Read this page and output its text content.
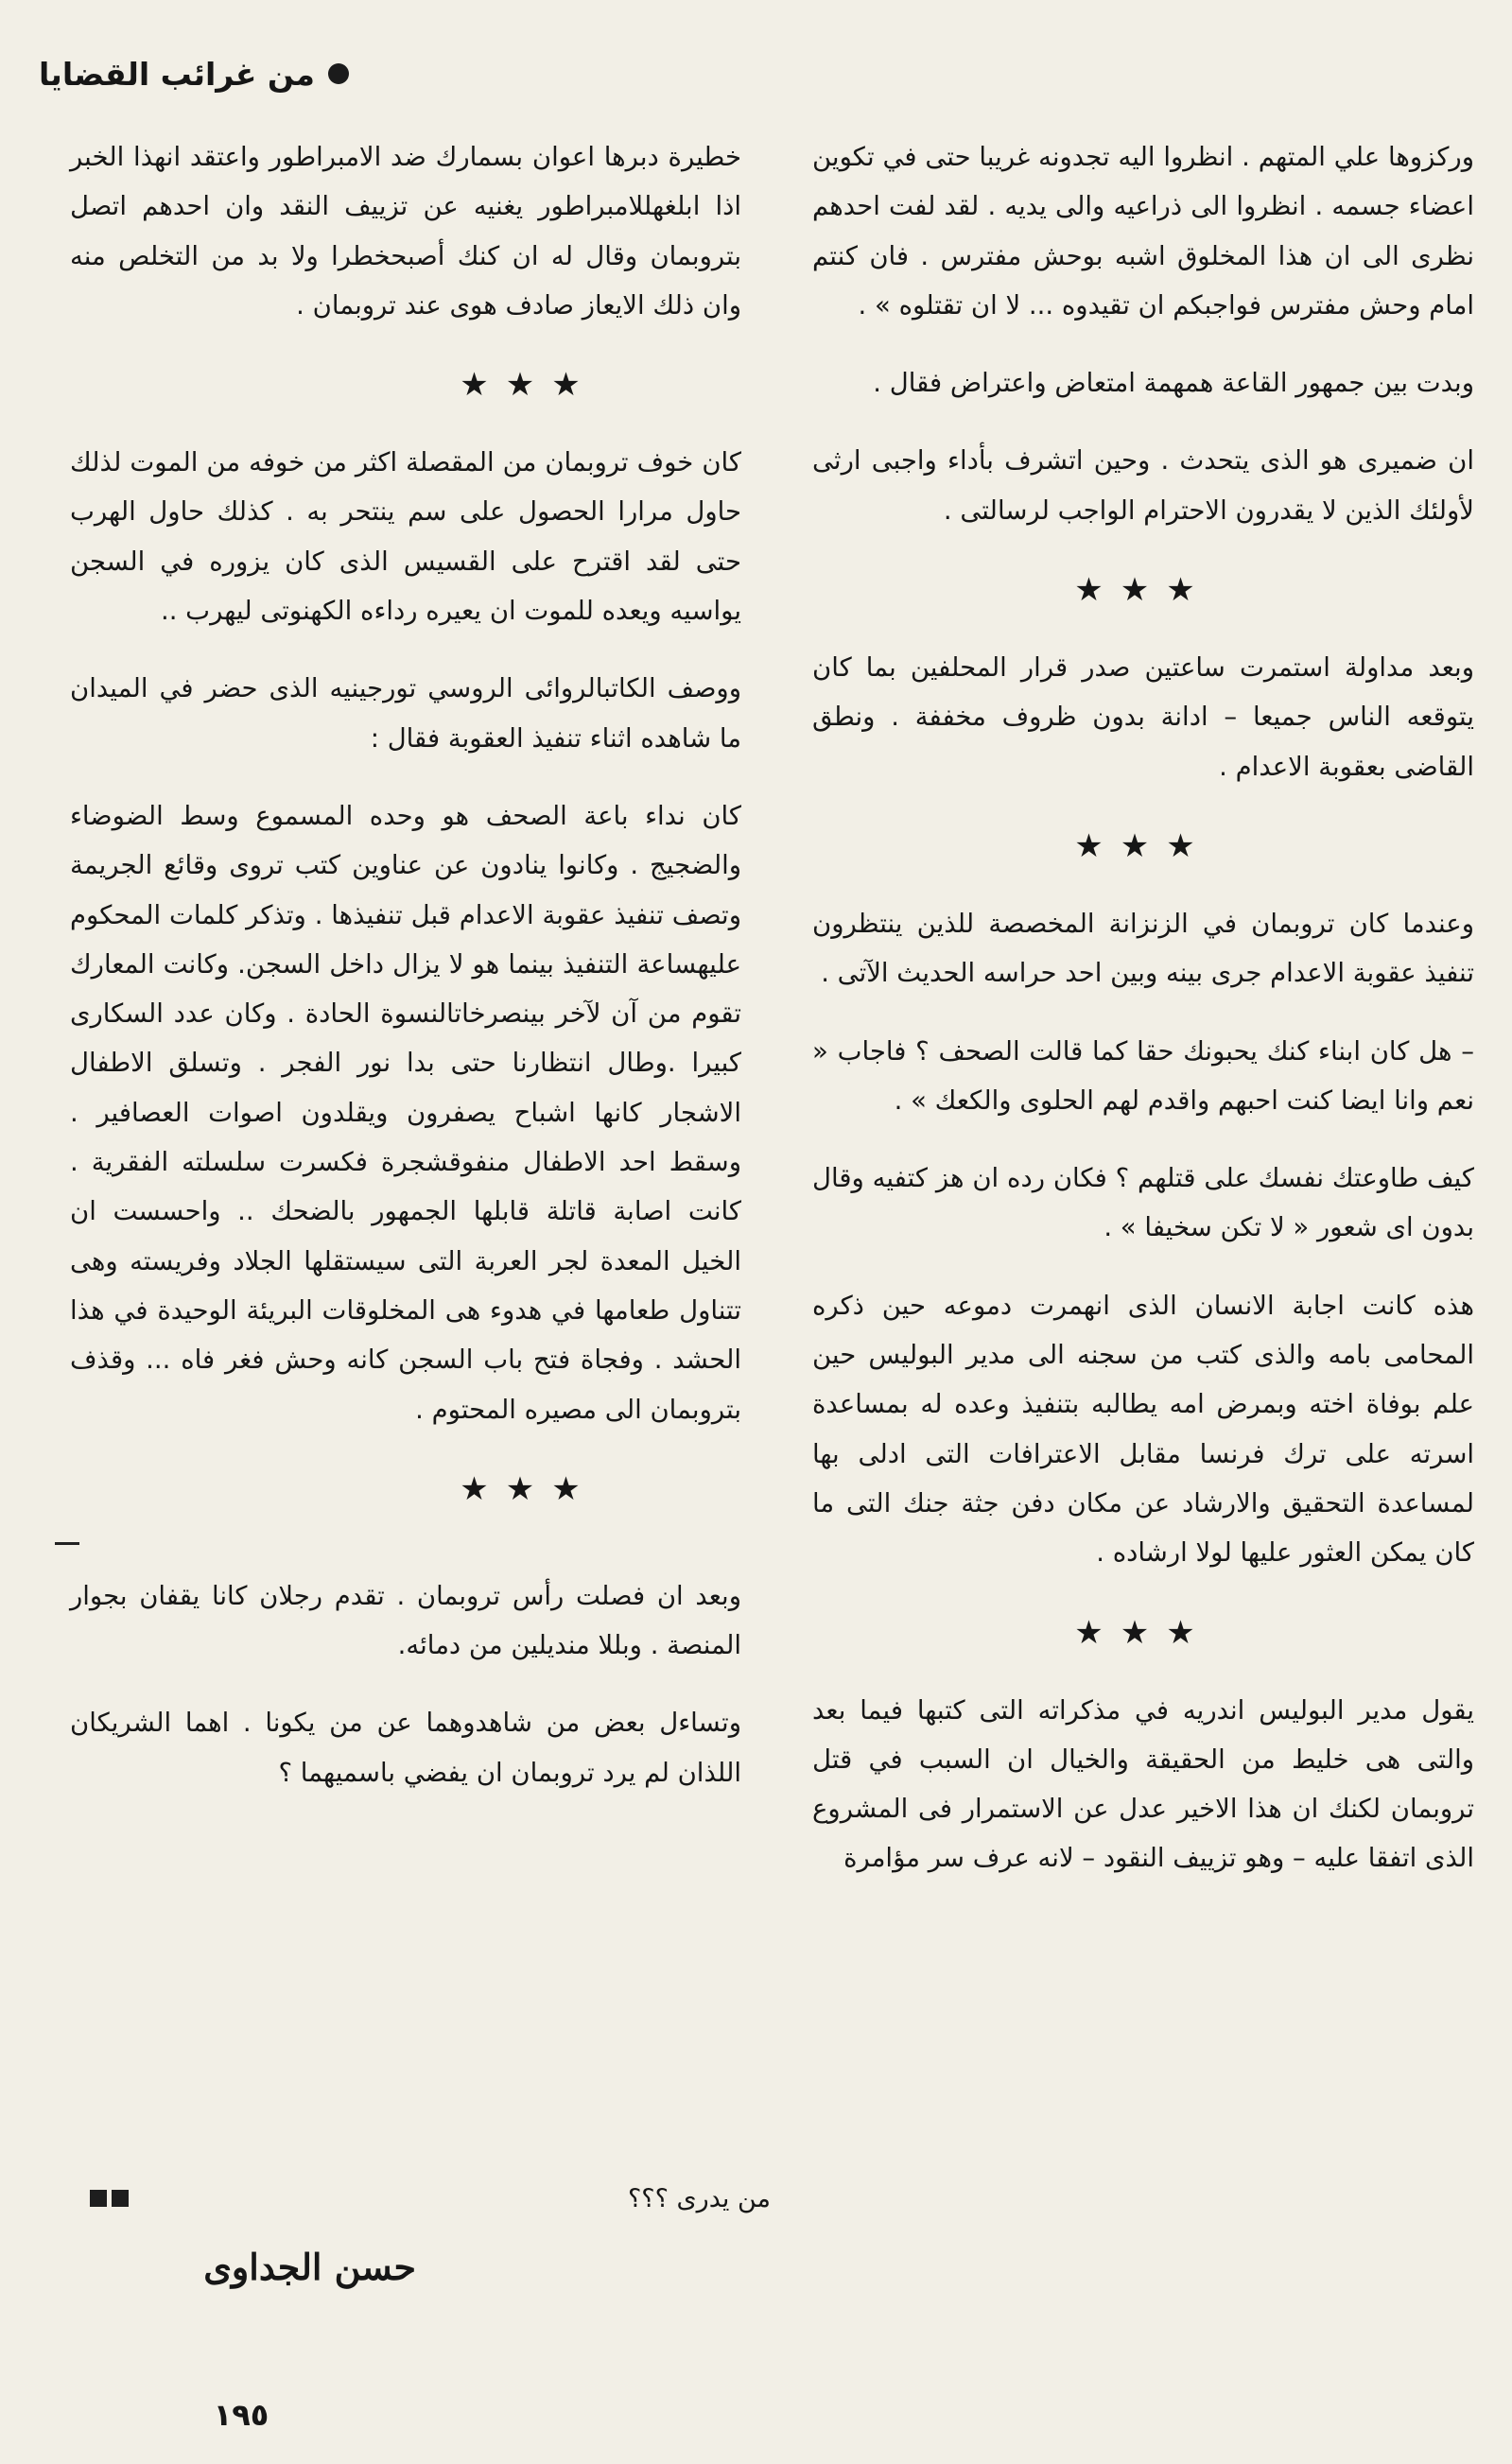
من غرائب القضايا

وركزوها علي المتهم . انظروا اليه تجدونه غريبا حتى في تكوين اعضاء جسمه . انظروا الى ذراعيه والى يديه . لقد لفت احدهم نظرى الى ان هذا المخلوق اشبه بوحش مفترس . فان كنتم امام وحش مفترس فواجبكم ان تقيدوه ... لا ان تقتلوه » .

وبدت بين جمهور القاعة همهمة امتعاض واعتراض فقال .

ان ضميرى هو الذى يتحدث . وحين اتشرف بأداء واجبى ارثى لأولئك الذين لا يقدرون الاحترام الواجب لرسالتى .

★★★

وبعد مداولة استمرت ساعتين صدر قرار المحلفين بما كان يتوقعه الناس جميعا – ادانة بدون ظروف مخففة . ونطق القاضى بعقوبة الاعدام .

★★★

وعندما كان تروبمان في الزنزانة المخصصة للذين ينتظرون تنفيذ عقوبة الاعدام جرى بينه وبين احد حراسه الحديث الآتى .

– هل كان ابناء كنك يحبونك حقا كما قالت الصحف ؟ فاجاب « نعم وانا ايضا كنت احبهم واقدم لهم الحلوى والكعك » .

كيف طاوعتك نفسك على قتلهم ؟ فكان رده ان هز كتفيه وقال بدون اى شعور « لا تكن سخيفا » .

هذه كانت اجابة الانسان الذى انهمرت دموعه حين ذكره المحامى بامه والذى كتب من سجنه الى مدير البوليس حين علم بوفاة اخته وبمرض امه يطالبه بتنفيذ وعده له بمساعدة اسرته على ترك فرنسا مقابل الاعترافات التى ادلى بها لمساعدة التحقيق والارشاد عن مكان دفن جثة جنك التى ما كان يمكن العثور عليها لولا ارشاده .

★★★

يقول مدير البوليس اندريه في مذكراته التى كتبها فيما بعد والتى هى خليط من الحقيقة والخيال ان السبب في قتل تروبمان لكنك ان هذا الاخير عدل عن الاستمرار فى المشروع الذى اتفقا عليه – وهو تزييف النقود – لانه عرف سر مؤامرة

خطيرة دبرها اعوان بسمارك ضد الامبراطور واعتقد انهذا الخبر اذا ابلغهللامبراطور يغنيه عن تزييف النقد وان احدهم اتصل بتروبمان وقال له ان كنك أصبحخطرا ولا بد من التخلص منه وان ذلك الايعاز صادف هوى عند تروبمان .

★★★

كان خوف تروبمان من المقصلة اكثر من خوفه من الموت لذلك حاول مرارا الحصول على سم ينتحر به . كذلك حاول الهرب حتى لقد اقترح على القسيس الذى كان يزوره في السجن يواسيه ويعده للموت ان يعيره رداءه الكهنوتى ليهرب ..

ووصف الكاتبالروائى الروسي تورجينيه الذى حضر في الميدان ما شاهده اثناء تنفيذ العقوبة فقال :

كان نداء باعة الصحف هو وحده المسموع وسط الضوضاء والضجيج . وكانوا ينادون عن عناوين كتب تروى وقائع الجريمة وتصف تنفيذ عقوبة الاعدام قبل تنفيذها . وتذكر كلمات المحكوم عليهساعة التنفيذ بينما هو لا يزال داخل السجن. وكانت المعارك تقوم من آن لآخر بينصرخاتالنسوة الحادة . وكان عدد السكارى كبيرا .وطال انتظارنا حتى بدا نور الفجر . وتسلق الاطفال الاشجار كانها اشباح يصفرون ويقلدون اصوات العصافير . وسقط احد الاطفال منفوقشجرة فكسرت سلسلته الفقرية . كانت اصابة قاتلة قابلها الجمهور بالضحك .. واحسست ان الخيل المعدة لجر العربة التى سيستقلها الجلاد وفريسته وهى تتناول طعامها في هدوء هى المخلوقات البريئة الوحيدة في هذا الحشد . وفجاة فتح باب السجن كانه وحش فغر فاه ... وقذف بتروبمان الى مصيره المحتوم .

★★★

وبعد ان فصلت رأس تروبمان . تقدم رجلان كانا يقفان بجوار المنصة . وبللا منديلين من دمائه.

وتساءل بعض من شاهدوهما عن من يكونا . اهما الشريكان اللذان لم يرد تروبمان ان يفضي باسميهما ؟

من يدرى ؟؟؟
حسن الجداوى
١٩٥
